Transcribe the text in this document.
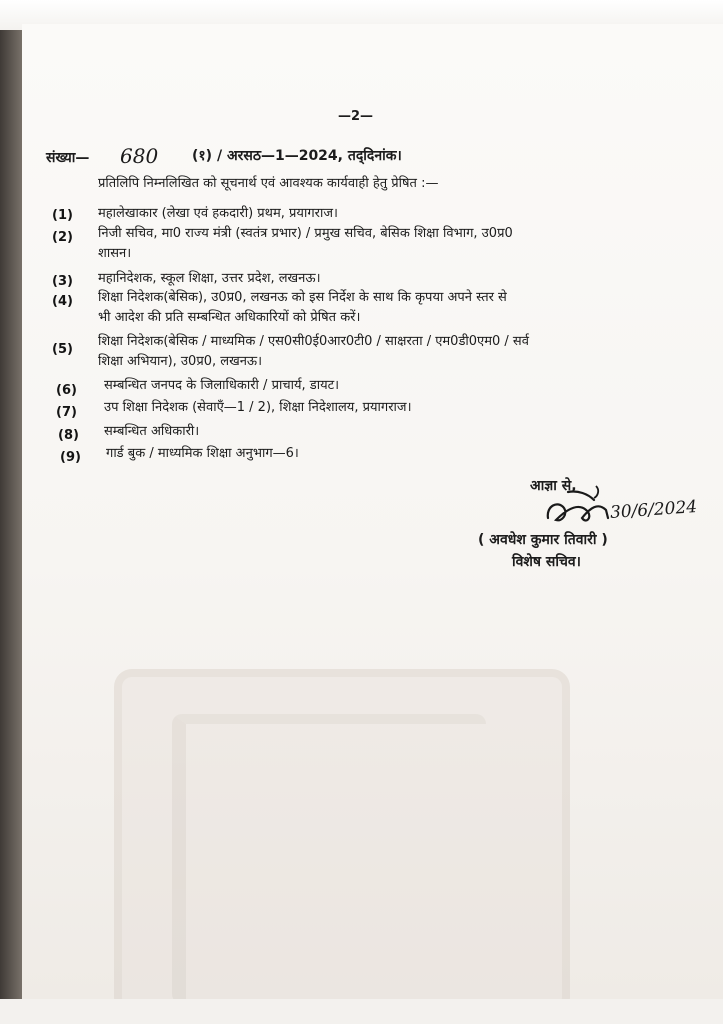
—2—
संख्या— 680 (१) / अरसठ—1—2024, तद्‌दिनांक।
प्रतिलिपि निम्नलिखित को सूचनार्थ एवं आवश्यक कार्यवाही हेतु प्रेषित :—
(1) महालेखाकार (लेखा एवं हकदारी) प्रथम, प्रयागराज।
(2) निजी सचिव, मा0 राज्य मंत्री (स्वतंत्र प्रभार) / प्रमुख सचिव, बेसिक शिक्षा विभाग, उ0प्र0
शासन।
(3) महानिदेशक, स्कूल शिक्षा, उत्तर प्रदेश, लखनऊ।
(4) शिक्षा निदेशक(बेसिक), उ0प्र0, लखनऊ को इस निर्देश के साथ कि कृपया अपने स्तर से
भी आदेश की प्रति सम्बन्धित अधिकारियों को प्रेषित करें।
(5)
शिक्षा निदेशक(बेसिक / माध्यमिक / एस0सी0ई0आर0टी0 / साक्षरता / एम0डी0एम0 / सर्व
शिक्षा अभियान), उ0प्र0, लखनऊ।
(6) सम्बन्धित जनपद के जिलाधिकारी / प्राचार्य, डायट।
(7) उप शिक्षा निदेशक (सेवाएँ—1 / 2), शिक्षा निदेशालय, प्रयागराज।
(8) सम्बन्धित अधिकारी।
(9) गार्ड बुक / माध्यमिक शिक्षा अनुभाग—6।
आज्ञा से,
30/6/2024
( अवधेश कुमार तिवारी )
विशेष सचिव।
